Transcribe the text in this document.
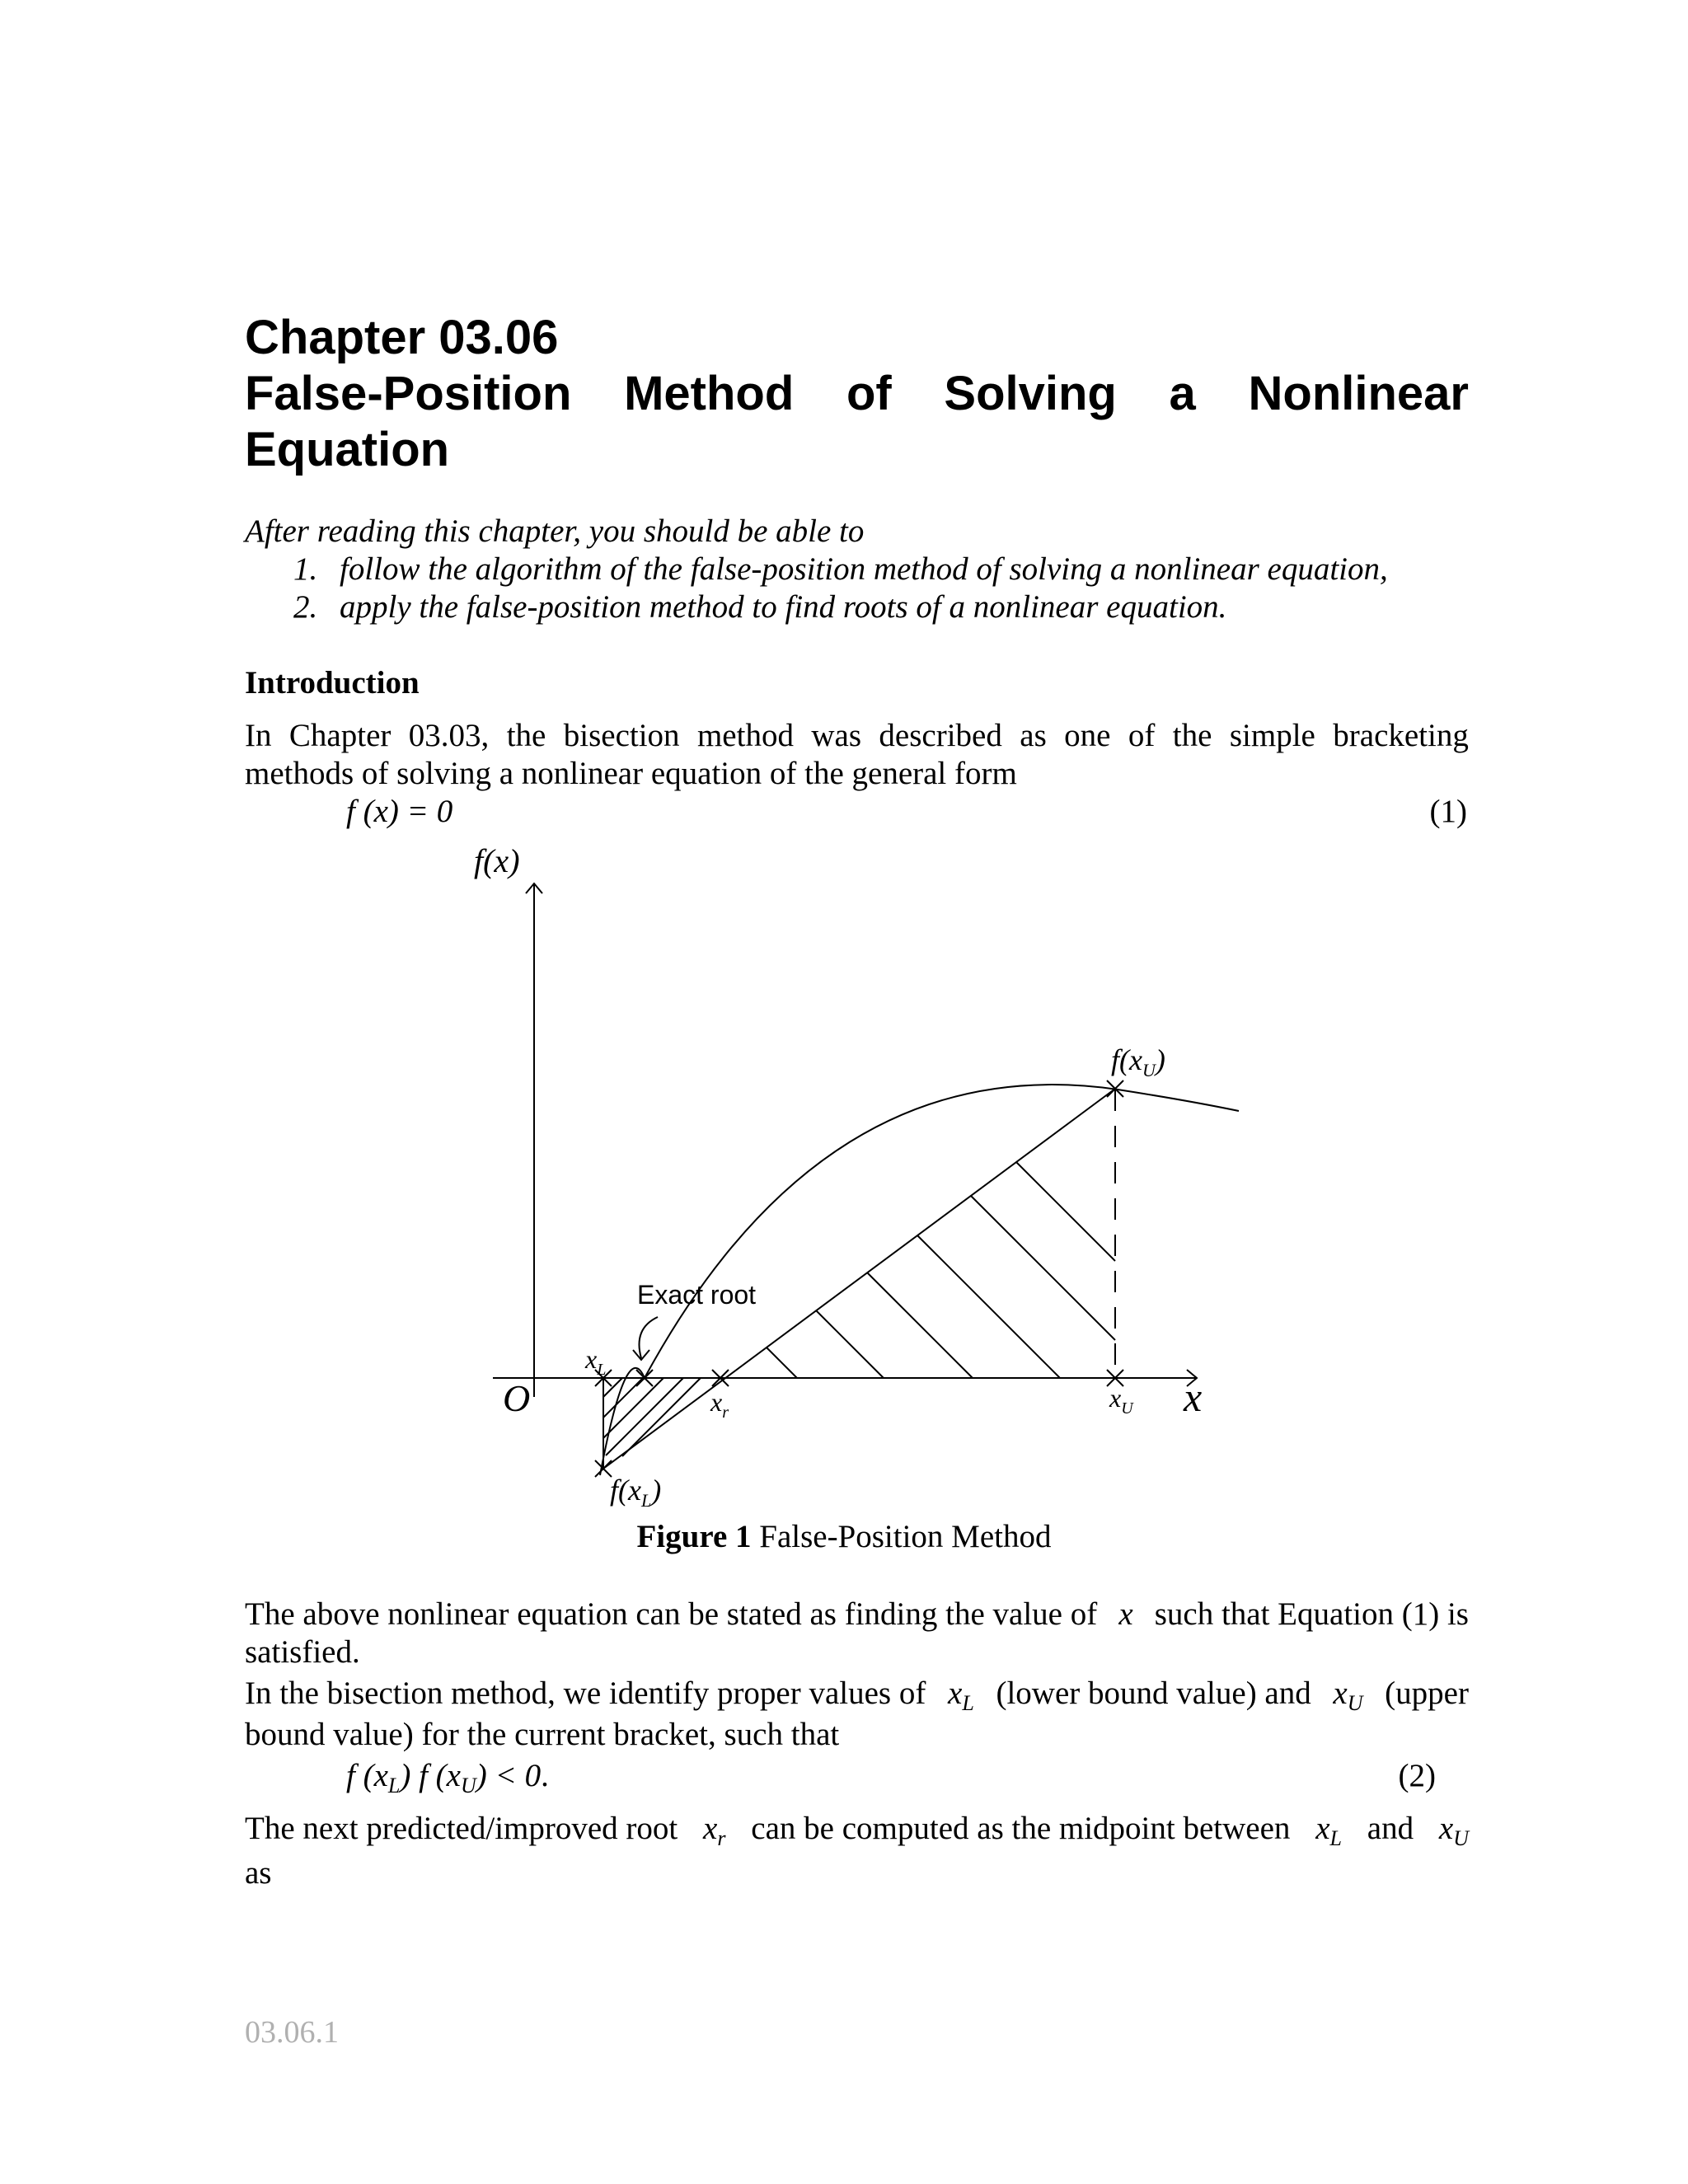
Chapter 03.06
False-Position Method of Solving a Nonlinear
Equation
After reading this chapter, you should be able to
1. follow the algorithm of the false-position method of solving a nonlinear equation,
2. apply the false-position method to find roots of a nonlinear equation.
Introduction
In Chapter 03.03, the bisection method was described as one of the simple bracketing
methods of solving a nonlinear equation of the general form
f (x) = 0	(1)
f(x)
O	x
Exact root
$x_L$
$x_r$	$x_U$
$f(x_U)$
$f(x_L)$
Figure 1 False-Position Method
The above nonlinear equation can be stated as finding the value of x such that Equation (1) is
satisfied.
In the bisection method, we identify proper values of $x_L$ (lower bound value) and $x_U$ (upper
bound value) for the current bracket, such that
f $(x_L)$ f $(x_U) < 0$.	(2)
The next predicted/improved root $x_r$ can be computed as the midpoint between $x_L$ and $x_U$
as
03.06.1
